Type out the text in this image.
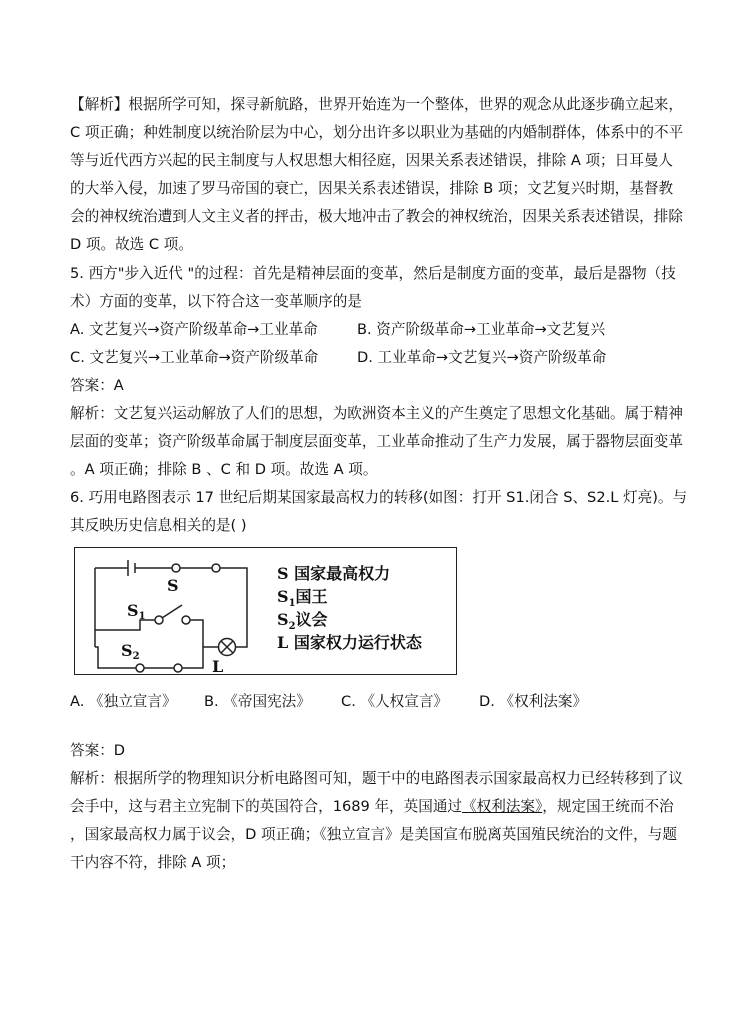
【解析】根据所学可知，探寻新航路，世界开始连为一个整体，世界的观念从此逐步确立起来，
C 项正确；种姓制度以统治阶层为中心，划分出许多以职业为基础的内婚制群体，体系中的不平
等与近代西方兴起的民主制度与人权思想大相径庭，因果关系表述错误，排除 A 项；日耳曼人
的大举入侵，加速了罗马帝国的衰亡，因果关系表述错误，排除 B 项；文艺复兴时期，基督教
会的神权统治遭到人文主义者的抨击，极大地冲击了教会的神权统治，因果关系表述错误，排除
D 项。故选 C 项。
5. 西方"步入近代 "的过程：首先是精神层面的变革，然后是制度方面的变革，最后是器物（技
术）方面的变革，以下符合这一变革顺序的是
A. 文艺复兴→资产阶级革命→工业革命	B. 资产阶级革命→工业革命→文艺复兴
C. 文艺复兴→工业革命→资产阶级革命	D. 工业革命→文艺复兴→资产阶级革命
答案：A
解析：文艺复兴运动解放了人们的思想，为欧洲资本主义的产生奠定了思想文化基础。属于精神
层面的变革；资产阶级革命属于制度层面变革，工业革命推动了生产力发展，属于器物层面变革
。A 项正确；排除 B 、C 和 D 项。故选 A 项。
6. 巧用电路图表示 17 世纪后期某国家最高权力的转移(如图：打开 S1.闭合 S、S2.L 灯亮)。与
其反映历史信息相关的是( )
S
S1
S2
L
S 国家最高权力
$S_1$国王
$S_2$议会
L 国家权力运行状态
A. 《独立宣言》	B. 《帝国宪法》	C. 《人权宣言》	D. 《权利法案》
答案：D
解析：根据所学的物理知识分析电路图可知，题干中的电路图表示国家最高权力已经转移到了议
会手中，这与君主立宪制下的英国符合，1689 年，英国通过《权利法案》，规定国王统而不治
，国家最高权力属于议会，D 项正确；《独立宣言》是美国宣布脱离英国殖民统治的文件，与题
干内容不符，排除 A 项；
